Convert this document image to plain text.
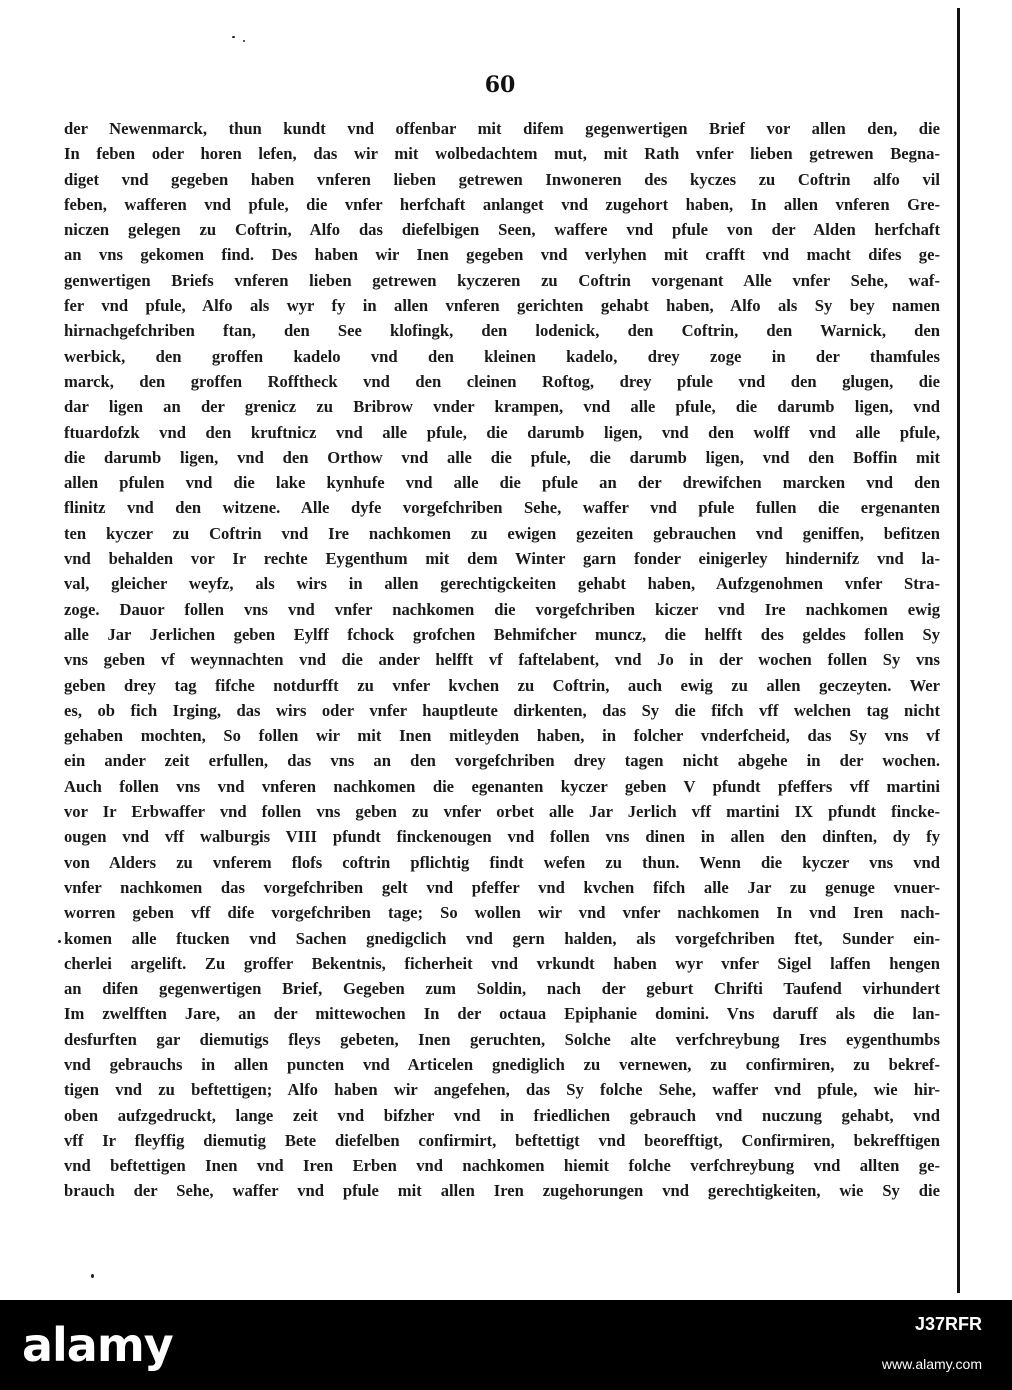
60
der Newenmarck, thun kundt vnd offenbar mit difem gegenwertigen Brief vor allen den, die
In feben oder horen lefen, das wir mit wolbedachtem mut, mit Rath vnfer lieben getrewen Begna-
diget vnd gegeben haben vnferen lieben getrewen Inwoneren des kyczes zu Coftrin alfo vil
feben, wafferen vnd pfule, die vnfer herfchaft anlanget vnd zugehort haben, In allen vnferen Gre-
niczen gelegen zu Coftrin, Alfo das diefelbigen Seen, waffere vnd pfule von der Alden herfchaft
an vns gekomen find. Des haben wir Inen gegeben vnd verlyhen mit crafft vnd macht difes ge-
genwertigen Briefs vnferen lieben getrewen kyczeren zu Coftrin vorgenant Alle vnfer Sehe, waf-
fer vnd pfule, Alfo als wyr fy in allen vnferen gerichten gehabt haben, Alfo als Sy bey namen
hirnachgefchriben ftan, den See klofingk, den lodenick, den Coftrin, den Warnick, den
werbick, den groffen kadelo vnd den kleinen kadelo, drey zoge in der thamfules
marck, den groffen Roffthеck vnd den cleinen Roftog, drey pfule vnd den glugen, die
dar ligen an der grenicz zu Bribrow vnder krampen, vnd alle pfule, die darumb ligen, vnd
ftuardofzk vnd den kruftnicz vnd alle pfule, die darumb ligen, vnd den wolff vnd alle pfule,
die darumb ligen, vnd den Orthow vnd alle die pfule, die darumb ligen, vnd den Boffin mit
allen pfulen vnd die lake kynhufe vnd alle die pfule an der drewifchen marcken vnd den
flinitz vnd den witzene. Alle dyfe vorgefchriben Sehe, waffer vnd pfule fullen die ergenanten
ten kyczer zu Coftrin vnd Ire nachkomen zu ewigen gezeiten gebrauchen vnd geniffen, befitzen
vnd behalden vor Ir rechte Eygenthum mit dem Winter garn fonder einigerley hindernifz vnd la-
val, gleicher weyfz, als wirs in allen gerechtigckeiten gehabt haben, Aufzgenohmen vnfer Stra-
zoge. Dauor follen vns vnd vnfer nachkomen die vorgefchriben kiczer vnd Ire nachkomen ewig
alle Jar Jerlichen geben Eylff fchock grofchen Behmifcher muncz, die helfft des geldes follen Sy
vns geben vf weynnachten vnd die ander helfft vf faftelabent, vnd Jo in der wochen follen Sy vns
geben drey tag fifche notdurfft zu vnfer kvchen zu Coftrin, auch ewig zu allen geczeyten. Wer
es, ob fich Irging, das wirs oder vnfer hauptleute dirkenten, das Sy die fifch vff welchen tag nicht
gehaben mochten, So follen wir mit Inen mitleyden haben, in folcher vnderfcheid, das Sy vns vf
ein ander zeit erfullen, das vns an den vorgefchriben drey tagen nicht abgehe in der wochen.
Auch follen vns vnd vnferen nachkomen die egenanten kyczer geben V pfundt pfeffers vff martini
vor Ir Erbwaffer vnd follen vns geben zu vnfer orbet alle Jar Jerlich vff martini IX pfundt fincke-
ougen vnd vff walburgis VIII pfundt finckenougen vnd follen vns dinen in allen den dinften, dy fy
von Alders zu vnferem flofs coftrin pflichtig findt wefen zu thun. Wenn die kyczer vns vnd
vnfer nachkomen das vorgefchriben gelt vnd pfeffer vnd kvchen fifch alle Jar zu genuge vnuer-
worren geben vff dife vorgefchriben tage; So wollen wir vnd vnfer nachkomen In vnd Iren nach-
komen alle ftucken vnd Sachen gnedigclich vnd gern halden, als vorgefchriben ftet, Sunder ein-
cherlei argelift. Zu groffer Bekentnis, ficherheit vnd vrkundt haben wyr vnfer Sigel laffen hengen
an difen gegenwertigen Brief, Gegeben zum Soldin, nach der geburt Chrifti Taufend virhundert
Im zwelfften Jare, an der mittewochen In der octaua Epiphanie domini. Vns daruff als die lan-
desfurften gar diemutigs fleys gebeten, Inen geruchten, Solche alte verfchreybung Ires eygenthumbs
vnd gebrauchs in allen puncten vnd Articelen gnediglich zu vernewen, zu confirmiren, zu bekref-
tigen vnd zu beftettigen; Alfo haben wir angefehen, das Sy folche Sehe, waffer vnd pfule, wie hir-
oben aufzgedruckt, lange zeit vnd bifzher vnd in friedlichen gebrauch vnd nuczung gehabt, vnd
vff Ir fleyffig diemutig Bete diefelben confirmirt, beftettigt vnd beorefftigt, Confirmiren, bekrefftigen
vnd beftettigen Inen vnd Iren Erben vnd nachkomen hiemit folche verfchreybung vnd allten ge-
brauch der Sehe, waffer vnd pfule mit allen Iren zugehorungen vnd gerechtigkeiten, wie Sy die
alamy	J37RFR
www.alamy.com
